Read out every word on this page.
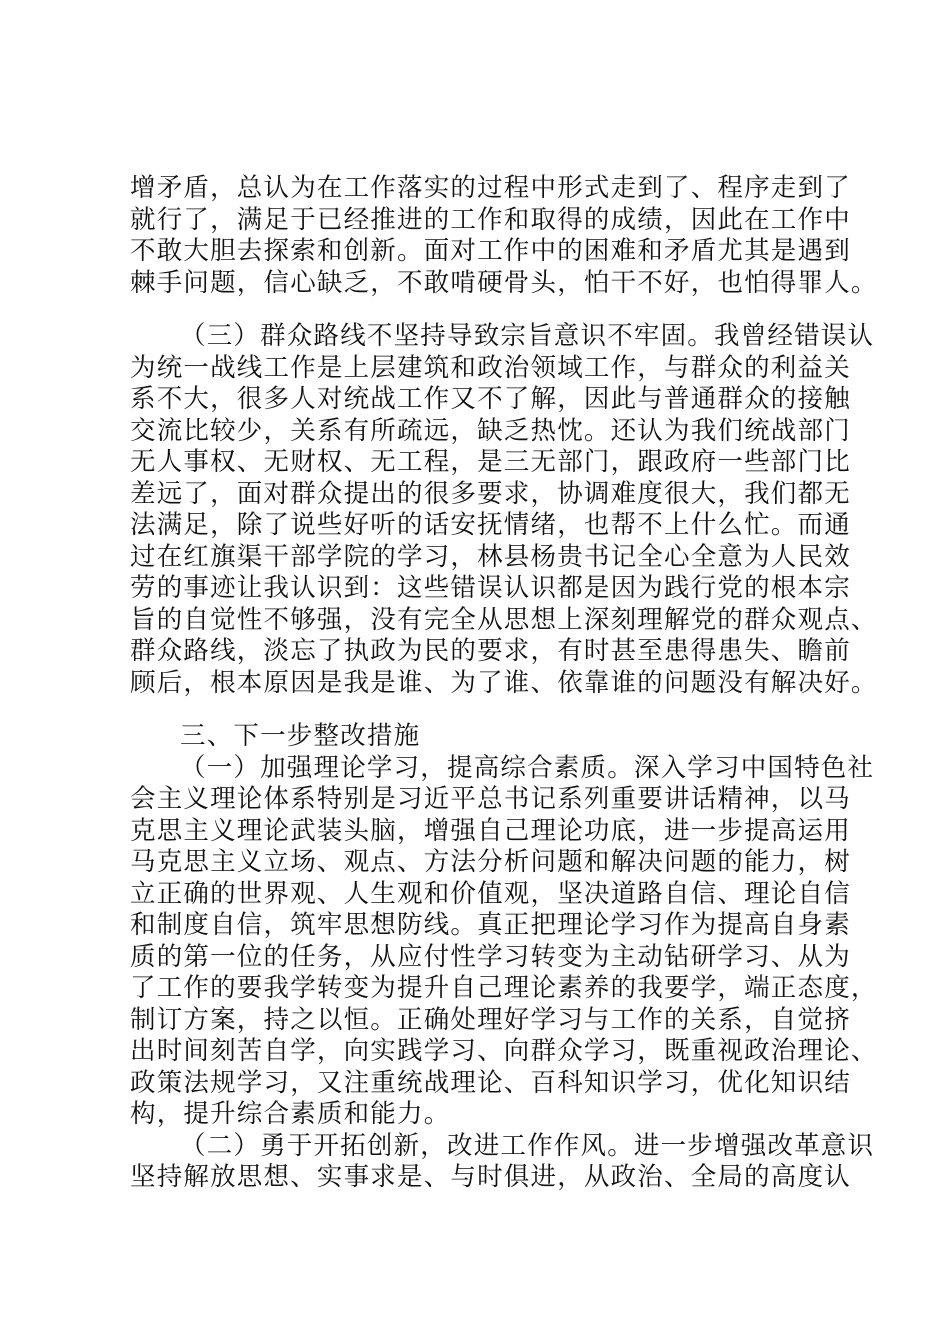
增矛盾，总认为在工作落实的过程中形式走到了、程序走到了
就行了，满足于已经推进的工作和取得的成绩，因此在工作中
不敢大胆去探索和创新。面对工作中的困难和矛盾尤其是遇到
棘手问题，信心缺乏，不敢啃硬骨头，怕干不好，也怕得罪人。
（三）群众路线不坚持导致宗旨意识不牢固。我曾经错误认
为统一战线工作是上层建筑和政治领域工作，与群众的利益关
系不大，很多人对统战工作又不了解，因此与普通群众的接触
交流比较少，关系有所疏远，缺乏热忱。还认为我们统战部门
无人事权、无财权、无工程，是三无部门，跟政府一些部门比
差远了，面对群众提出的很多要求，协调难度很大，我们都无
法满足，除了说些好听的话安抚情绪，也帮不上什么忙。而通
过在红旗渠干部学院的学习，林县杨贵书记全心全意为人民效
劳的事迹让我认识到：这些错误认识都是因为践行党的根本宗
旨的自觉性不够强，没有完全从思想上深刻理解党的群众观点、
群众路线，淡忘了执政为民的要求，有时甚至患得患失、瞻前
顾后，根本原因是我是谁、为了谁、依靠谁的问题没有解决好。
三、下一步整改措施
（一）加强理论学习，提高综合素质。深入学习中国特色社
会主义理论体系特别是习近平总书记系列重要讲话精神，以马
克思主义理论武装头脑，增强自己理论功底，进一步提高运用
马克思主义立场、观点、方法分析问题和解决问题的能力，树
立正确的世界观、人生观和价值观，坚决道路自信、理论自信
和制度自信，筑牢思想防线。真正把理论学习作为提高自身素
质的第一位的任务，从应付性学习转变为主动钻研学习、从为
了工作的要我学转变为提升自己理论素养的我要学，端正态度，
制订方案，持之以恒。正确处理好学习与工作的关系，自觉挤
出时间刻苦自学，向实践学习、向群众学习，既重视政治理论、
政策法规学习，又注重统战理论、百科知识学习，优化知识结
构，提升综合素质和能力。
（二）勇于开拓创新，改进工作作风。进一步增强改革意识
坚持解放思想、实事求是、与时俱进，从政治、全局的高度认
